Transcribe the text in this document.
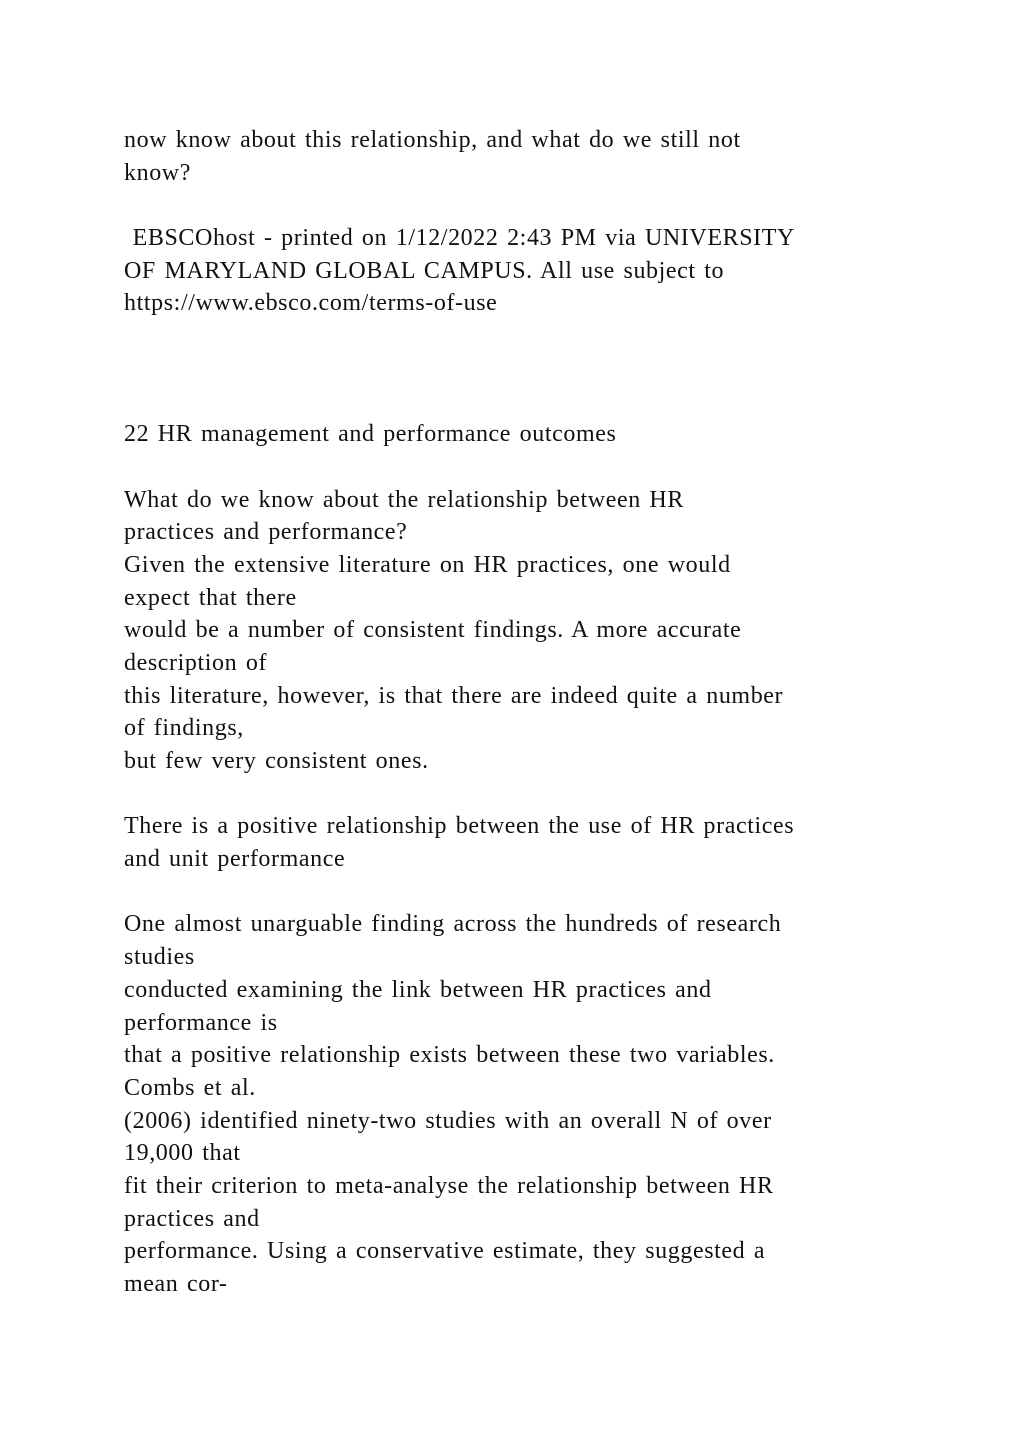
now know about this relationship, and what do we still not
know?
EBSCOhost - printed on 1/12/2022 2:43 PM via UNIVERSITY
OF MARYLAND GLOBAL CAMPUS. All use subject to
https://www.ebsco.com/terms-of-use
22 HR management and performance outcomes
What do we know about the relationship between HR
practices and performance?
Given the extensive literature on HR practices, one would
expect that there
would be a number of consistent findings. A more accurate
description of
this literature, however, is that there are indeed quite a number
of findings,
but few very consistent ones.
There is a positive relationship between the use of HR practices
and unit performance
One almost unarguable finding across the hundreds of research
studies
conducted examining the link between HR practices and
performance is
that a positive relationship exists between these two variables.
Combs et al.
(2006) identified ninety-two studies with an overall N of over
19,000 that
fit their criterion to meta-analyse the relationship between HR
practices and
performance. Using a conservative estimate, they suggested a
mean cor-
